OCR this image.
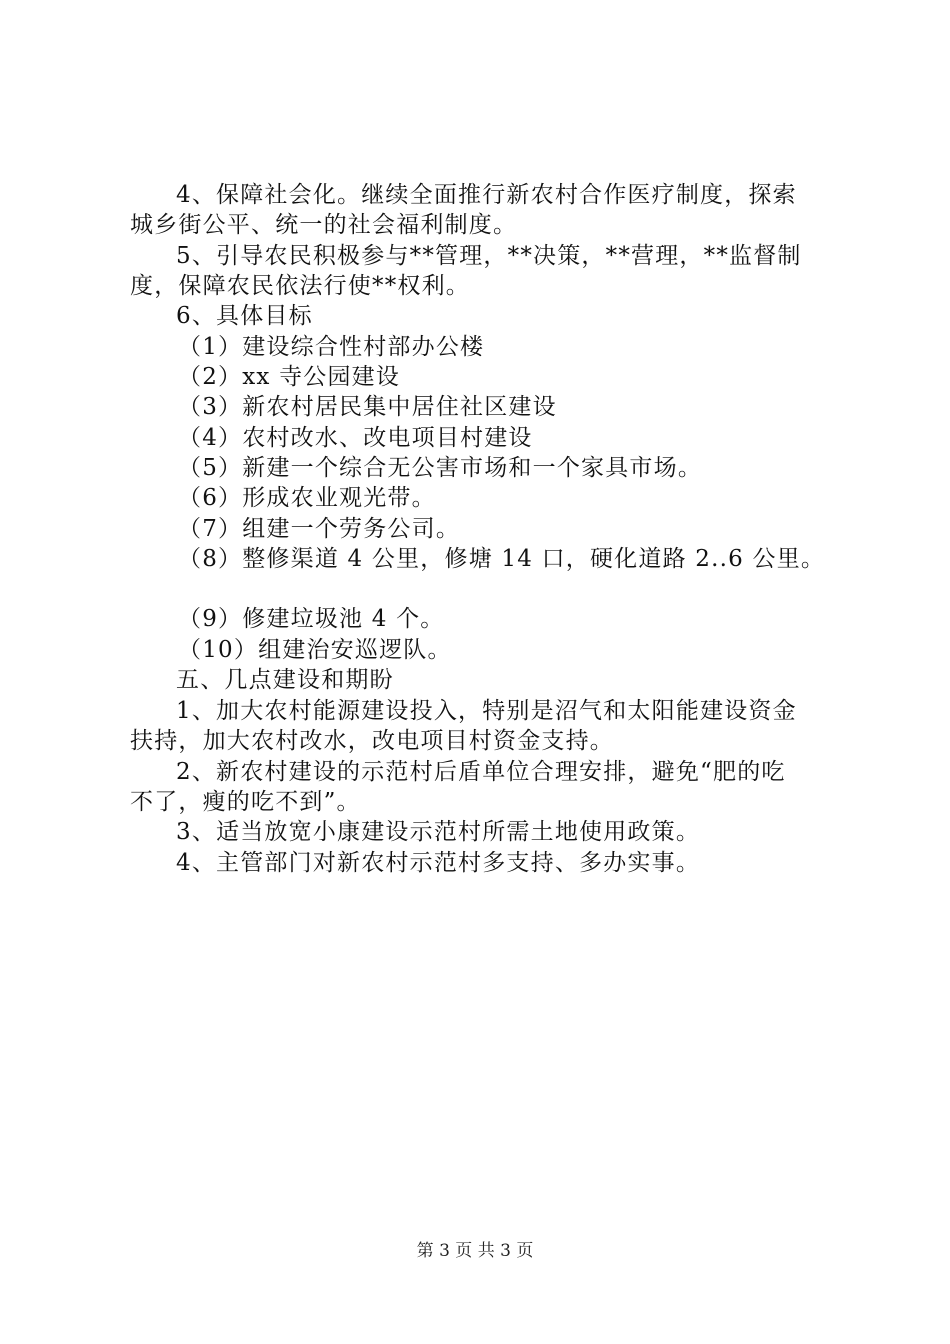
4、保障社会化。继续全面推行新农村合作医疗制度，探索
城乡街公平、统一的社会福利制度。
5、引导农民积极参与**管理，**决策，**营理，**监督制
度，保障农民依法行使**权利。
6、具体目标
（1）建设综合性村部办公楼
（2）xx 寺公园建设
（3）新农村居民集中居住社区建设
（4）农村改水、改电项目村建设
（5）新建一个综合无公害市场和一个家具市场。
（6）形成农业观光带。
（7）组建一个劳务公司。
（8）整修渠道 4 公里，修塘 14 口，硬化道路 2..6 公里。
（9）修建垃圾池 4 个。
（10）组建治安巡逻队。
五、几点建设和期盼
1、加大农村能源建设投入，特别是沼气和太阳能建设资金
扶持，加大农村改水，改电项目村资金支持。
2、新农村建设的示范村后盾单位合理安排，避免“肥的吃
不了，瘦的吃不到”。
3、适当放宽小康建设示范村所需土地使用政策。
4、主管部门对新农村示范村多支持、多办实事。
第 3 页 共 3 页
